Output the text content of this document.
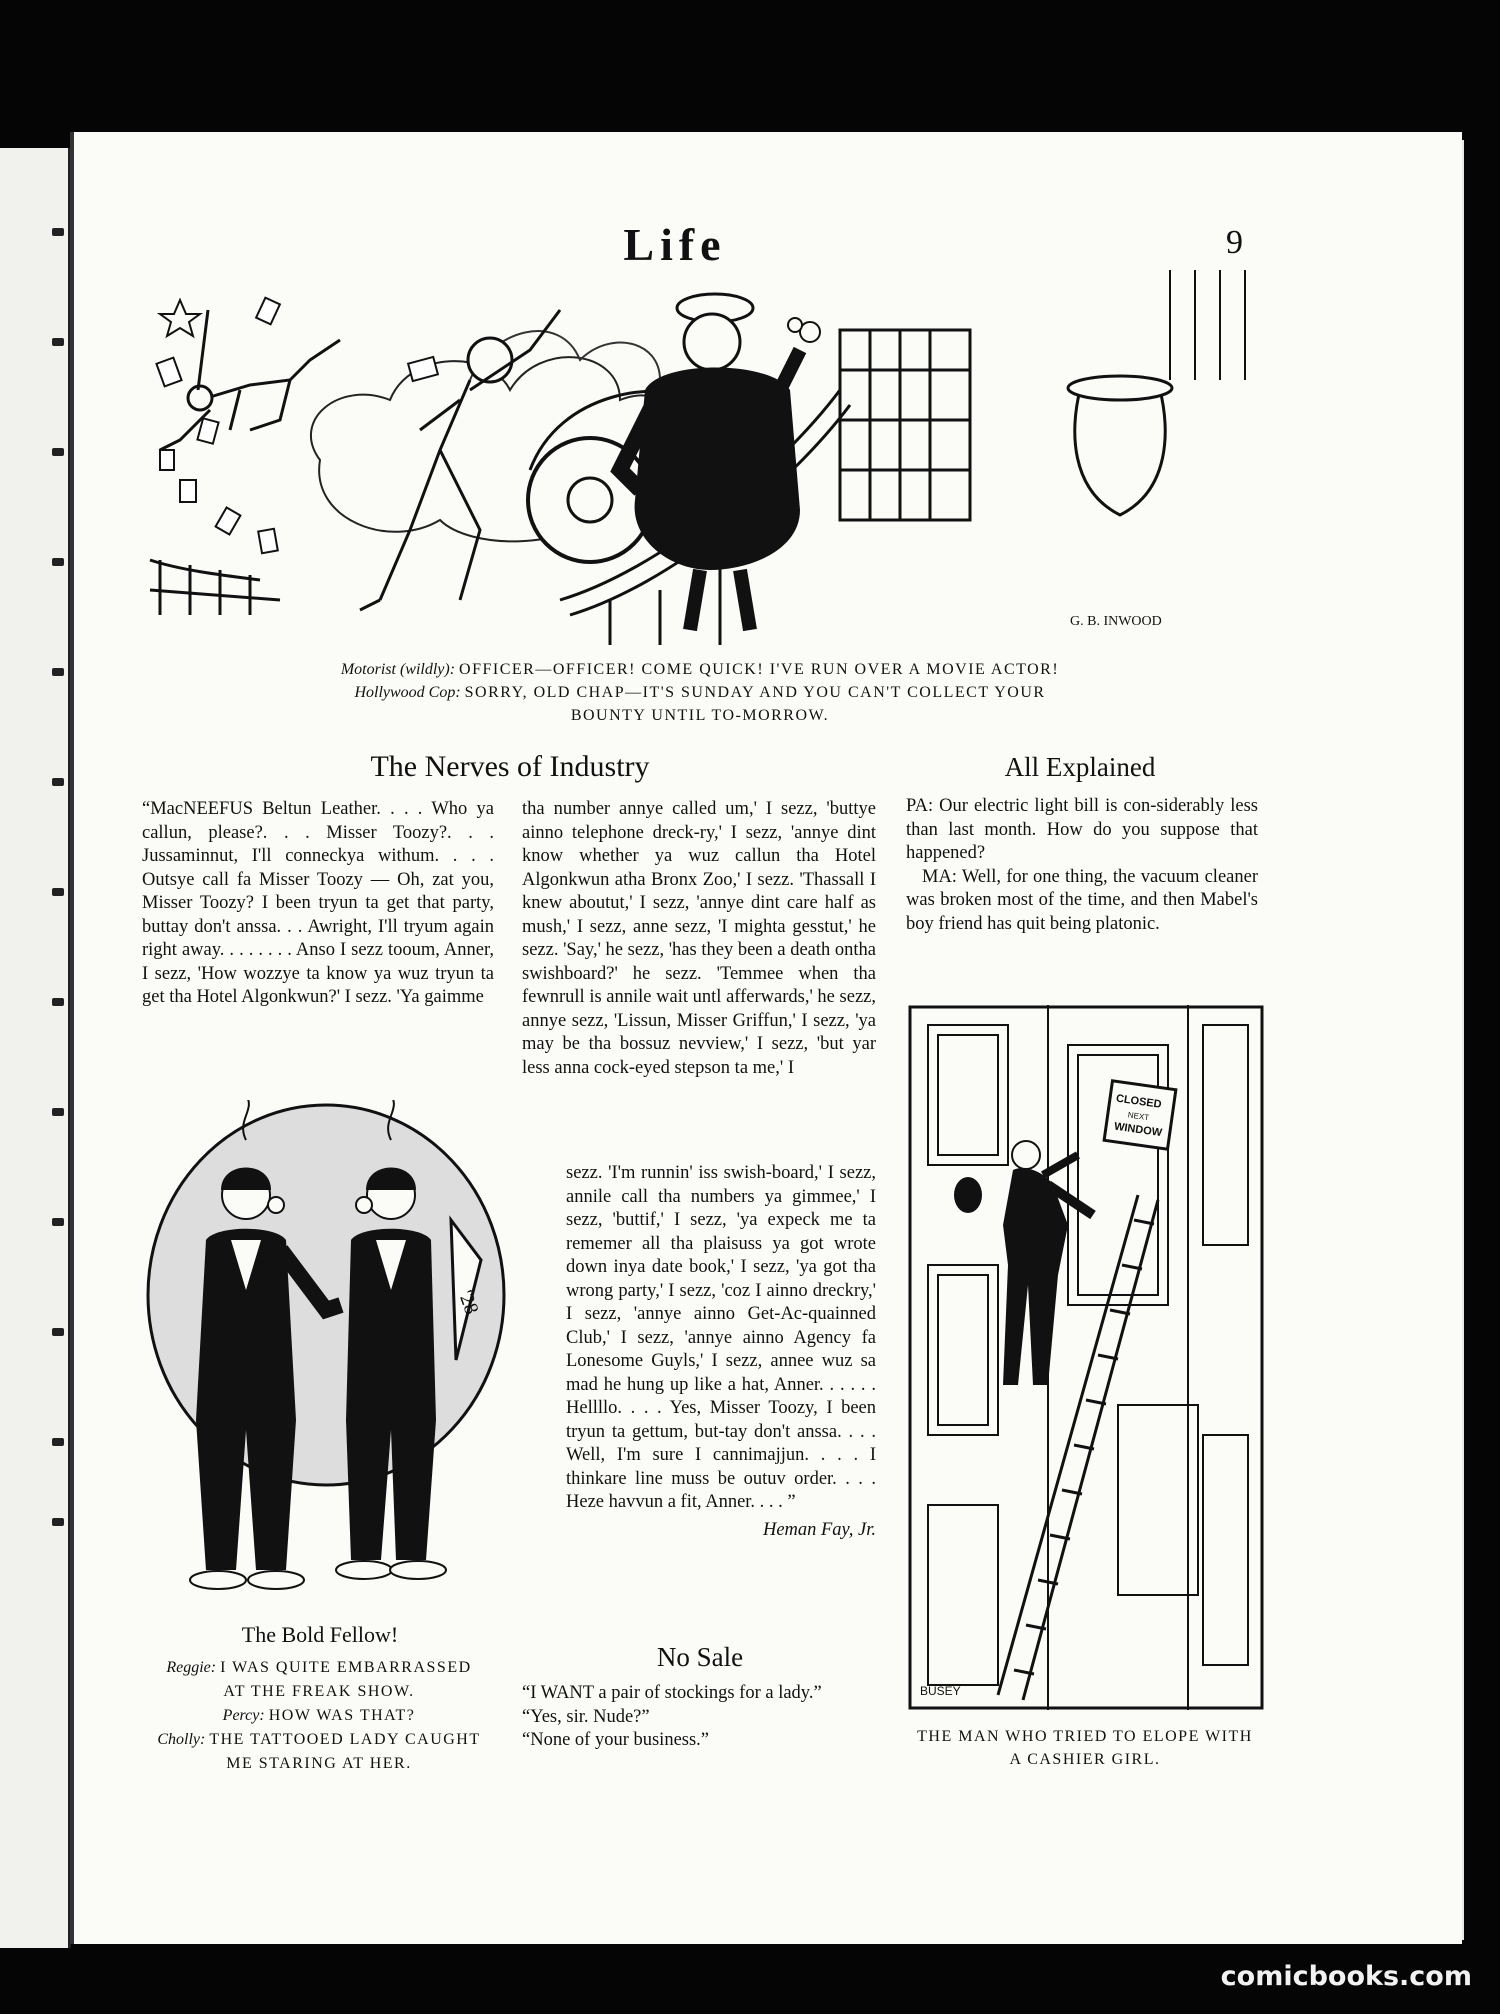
Life	9
G. B. INWOOD
Motorist (wildly): OFFICER—OFFICER! COME QUICK! I'VE RUN OVER A MOVIE ACTOR!
Hollywood Cop: SORRY, OLD CHAP—IT'S SUNDAY AND YOU CAN'T COLLECT YOUR
BOUNTY UNTIL TO-MORROW.
The Nerves of Industry

“MacNEEFUS Beltun Leather. . . . Who ya callun, please?. . . Misser Toozy?. . . Jussaminnut, I'll conneckya withum. . . . Outsye call fa Misser Toozy — Oh, zat you, Misser Toozy? I been tryun ta get that party, buttay don't anssa. . . Awright, I'll tryum again right away. . . . . . . . Anso I sezz tooum, Anner, I sezz, 'How wozzye ta know ya wuz tryun ta get tha Hotel Algonkwun?' I sezz. 'Ya gaimme

tha number annye called um,' I sezz, 'buttye ainno telephone dreck-ry,' I sezz, 'annye dint know whether ya wuz callun tha Hotel Algonkwun atha Bronx Zoo,' I sezz. 'Thassall I knew aboutut,' I sezz, 'annye dint care half as mush,' I sezz, anne sezz, 'I mighta gesstut,' he sezz. 'Say,' he sezz, 'has they been a death ontha swishboard?' he sezz. 'Temmee when tha fewnrull is annile wait untl afferwards,' he sezz, annye sezz, 'Lissun, Misser Griffun,' I sezz, 'ya may be tha bossuz nevview,' I sezz, 'but yar less anna cock-eyed stepson ta me,' I

sezz. 'I'm runnin' iss swish-board,' I sezz, annile call tha numbers ya gimmee,' I sezz, 'buttif,' I sezz, 'ya expeck me ta rememer all tha plaisuss ya got wrote down inya date book,' I sezz, 'ya got tha wrong party,' I sezz, 'coz I ainno dreckry,' I sezz, 'annye ainno Get-Ac-quainned Club,' I sezz, 'annye ainno Agency fa Lonesome Guyls,' I sezz, annee wuz sa mad he hung up like a hat, Anner. . . . . . Hellllo. . . . Yes, Misser Toozy, I been tryun ta gettum, but-tay don't anssa. . . . Well, I'm sure I cannimajjun. . . . I thinkare line muss be outuv order. . . . Heze havvun a fit, Anner. . . . ”

Heman Fay, Jr.
'28
The Bold Fellow!
Reggie: I WAS QUITE EMBARRASSED
AT THE FREAK SHOW.
Percy: HOW WAS THAT?
Cholly: THE TATTOOED LADY CAUGHT
ME STARING AT HER.
No Sale

“I WANT a pair of stockings for a lady.”

“Yes, sir. Nude?”

“None of your business.”

All Explained

PA: Our electric light bill is con-siderably less than last month. How do you suppose that happened?

MA: Well, for one thing, the vacuum cleaner was broken most of the time, and then Mabel's boy friend has quit being platonic.

CLOSED
NEXT
WINDOW
BUSEY
THE MAN WHO TRIED TO ELOPE WITH
A CASHIER GIRL.
comicbooks.com
